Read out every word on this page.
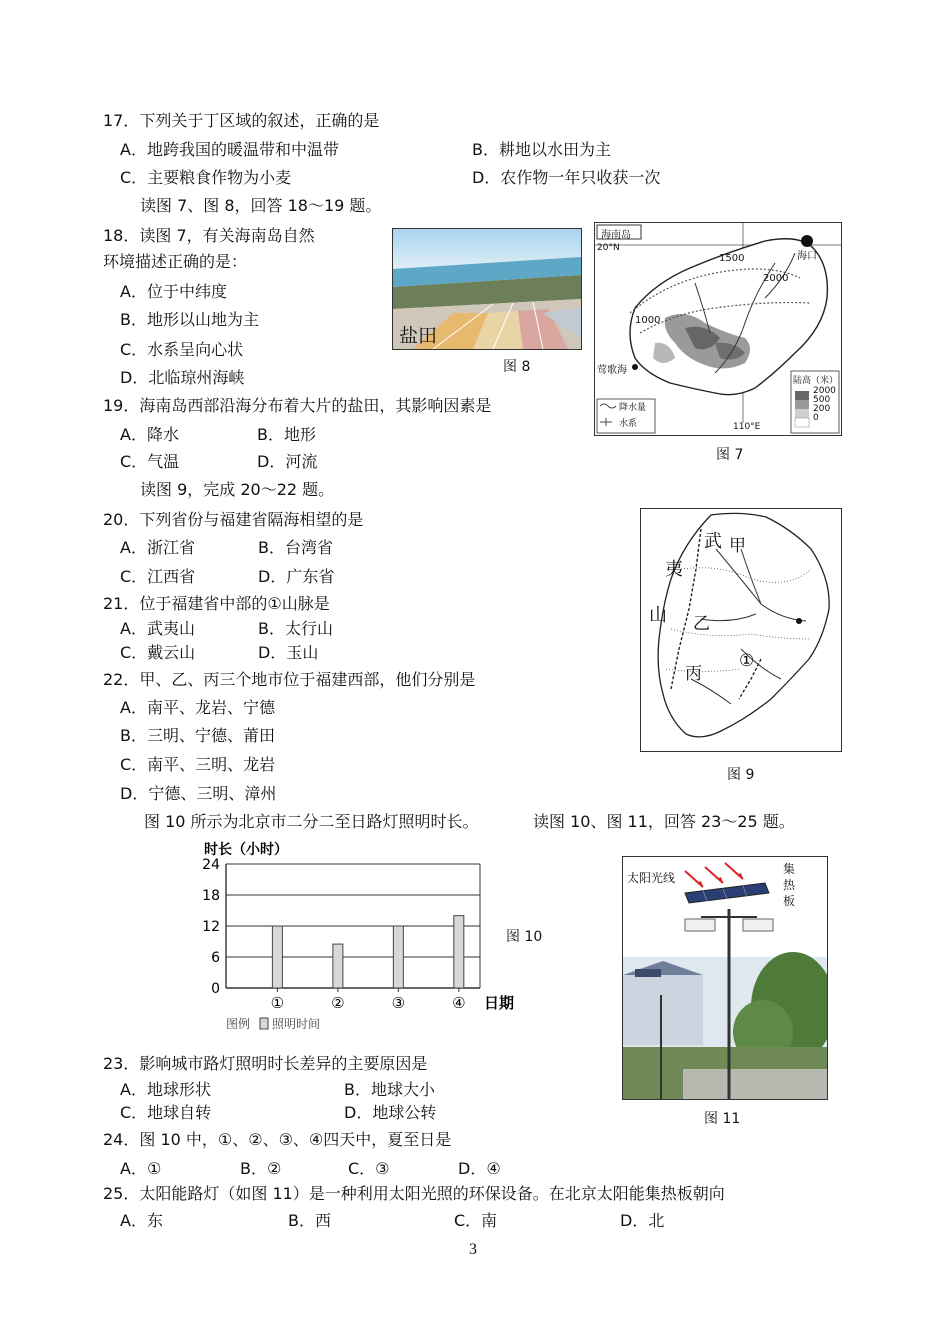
17．下列关于丁区域的叙述，正确的是
A．地跨我国的暖温带和中温带	B．耕地以水田为主
C．主要粮食作物为小麦	D．农作物一年只收获一次
读图 7、图 8，回答 18～19 题。
18．读图 7，有关海南岛自然
环境描述正确的是：
A．位于中纬度
B．地形以山地为主
C．水系呈向心状
D．北临琼州海峡
19．海南岛西部沿海分布着大片的盐田，其影响因素是
A．降水	B．地形
C．气温	D．河流
盐田
图 8
海南岛
20°N
海口
莺歌海
1500
2000
1000
陆高（米）
2000
500
200
0
降水量
水系	110°E
图 7
读图 9，完成 20～22 题。
20．下列省份与福建省隔海相望的是
A．浙江省	B．台湾省
C．江西省	D．广东省
21．位于福建省中部的①山脉是
A．武夷山	B．太行山
C．戴云山	D．玉山
22．甲、乙、丙三个地市位于福建西部，他们分别是
A．南平、龙岩、宁德
B．三明、宁德、莆田
C．南平、三明、龙岩
D．宁德、三明、漳州
武
夷
山
甲
乙
丙
①
图 9
图 10 所示为北京市二分二至日路灯照明时长。	读图 10、图 11，回答 23～25 题。
0
6
12
18
24
时长（小时）
①	②	③	④ 日期
图例 照明时间
图 10
太阳光线
集
热
板
图 11
23．影响城市路灯照明时长差异的主要原因是
A．地球形状	B．地球大小
C．地球自转	D．地球公转
24．图 10 中，①、②、③、④四天中，夏至日是
A．①	B．②	C．③	D．④
25．太阳能路灯（如图 11）是一种利用太阳光照的环保设备。在北京太阳能集热板朝向
A．东	B．西	C．南	D．北
3
